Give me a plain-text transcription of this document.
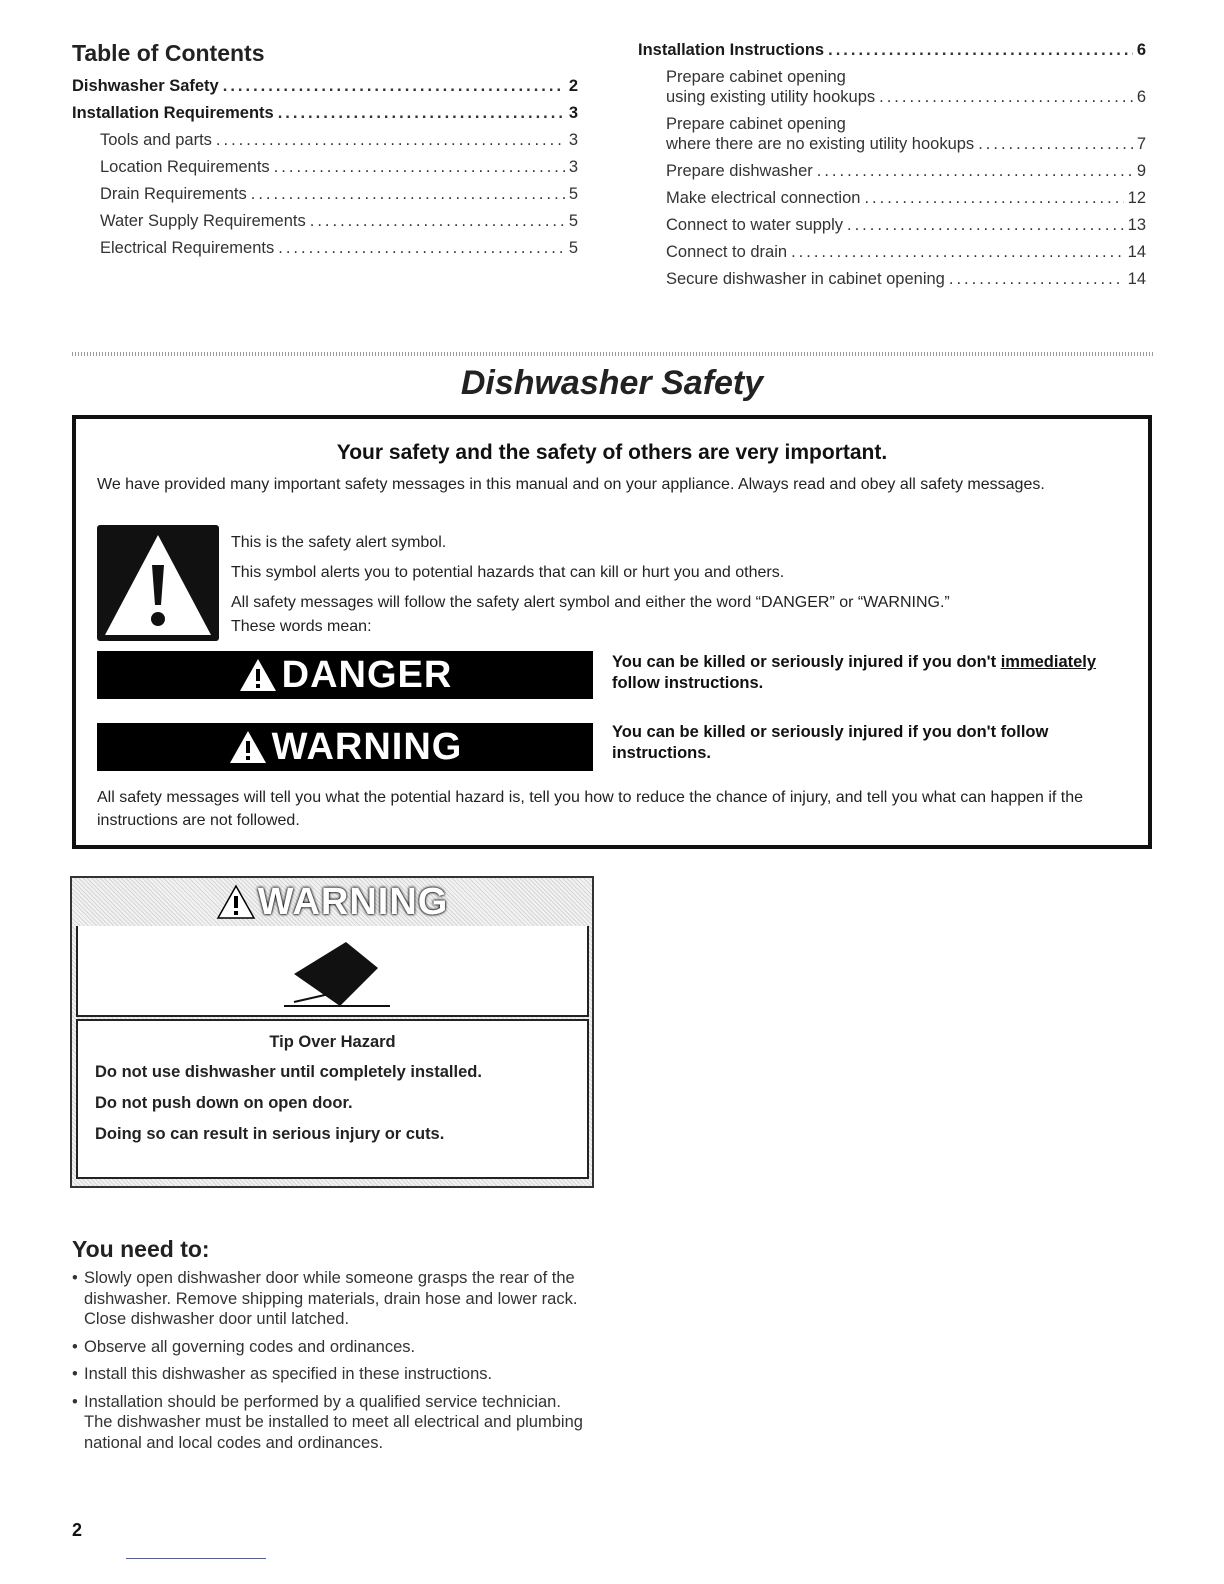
Table of Contents
Dishwasher Safety .....	2
Installation Requirements .....	3
Tools and parts .....	3
Location Requirements .....	3
Drain Requirements .....	5
Water Supply Requirements .....	5
Electrical Requirements .....	5
Installation Instructions .....	6
Prepare cabinet opening
using existing utility hookups .....	6
Prepare cabinet opening
where there are no existing utility hookups .....	7
Prepare dishwasher .....	9
Make electrical connection .....	12
Connect to water supply .....	13
Connect to drain .....	14
Secure dishwasher in cabinet opening .....	14
Dishwasher Safety
Your safety and the safety of others are very important.
We have provided many important safety messages in this manual and on your appliance. Always read and obey all safety messages.

This is the safety alert symbol.

This symbol alerts you to potential hazards that can kill or hurt you and others.

All safety messages will follow the safety alert symbol and either the word “DANGER” or “WARNING.”

These words mean:

DANGER	You can be killed or seriously injured if you don't immediately
follow instructions.
WARNING	You can be killed or seriously injured if you don't follow
instructions.
All safety messages will tell you what the potential hazard is, tell you how to reduce the chance of injury, and tell you what can happen if the instructions are not followed.
WARNING
Tip Over Hazard
Do not use dishwasher until completely installed.
Do not push down on open door.
Doing so can result in serious injury or cuts.
You need to:
• Slowly open dishwasher door while someone grasps the rear of the dishwasher. Remove shipping materials, drain hose and lower rack. Close dishwasher door until latched.
• Observe all governing codes and ordinances.
• Install this dishwasher as specified in these instructions.
• Installation should be performed by a qualified service technician. The dishwasher must be installed to meet all electrical and plumbing national and local codes and ordinances.
2
